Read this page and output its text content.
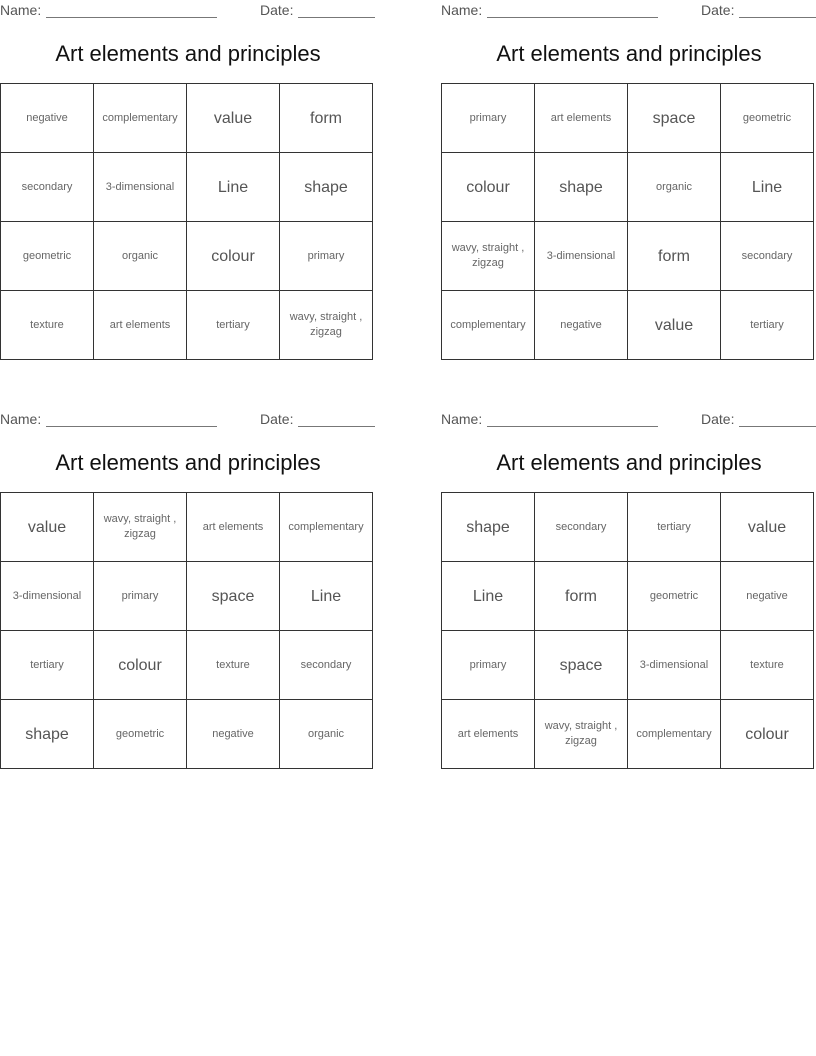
Name:	Date:
Art elements and principles
negative	complementary	value	form
secondary	3-dimensional	Line	shape
geometric	organic	colour	primary
texture	art elements	tertiary	wavy, straight , zigzag
Name:	Date:
Art elements and principles
primary	art elements	space	geometric
colour	shape	organic	Line
wavy, straight , zigzag	3-dimensional	form	secondary
complementary	negative	value	tertiary
Name:	Date:
Art elements and principles
value	wavy, straight , zigzag	art elements	complementary
3-dimensional	primary	space	Line
tertiary	colour	texture	secondary
shape	geometric	negative	organic
Name:	Date:
Art elements and principles
shape	secondary	tertiary	value
Line	form	geometric	negative
primary	space	3-dimensional	texture
art elements	wavy, straight , zigzag	complementary	colour
